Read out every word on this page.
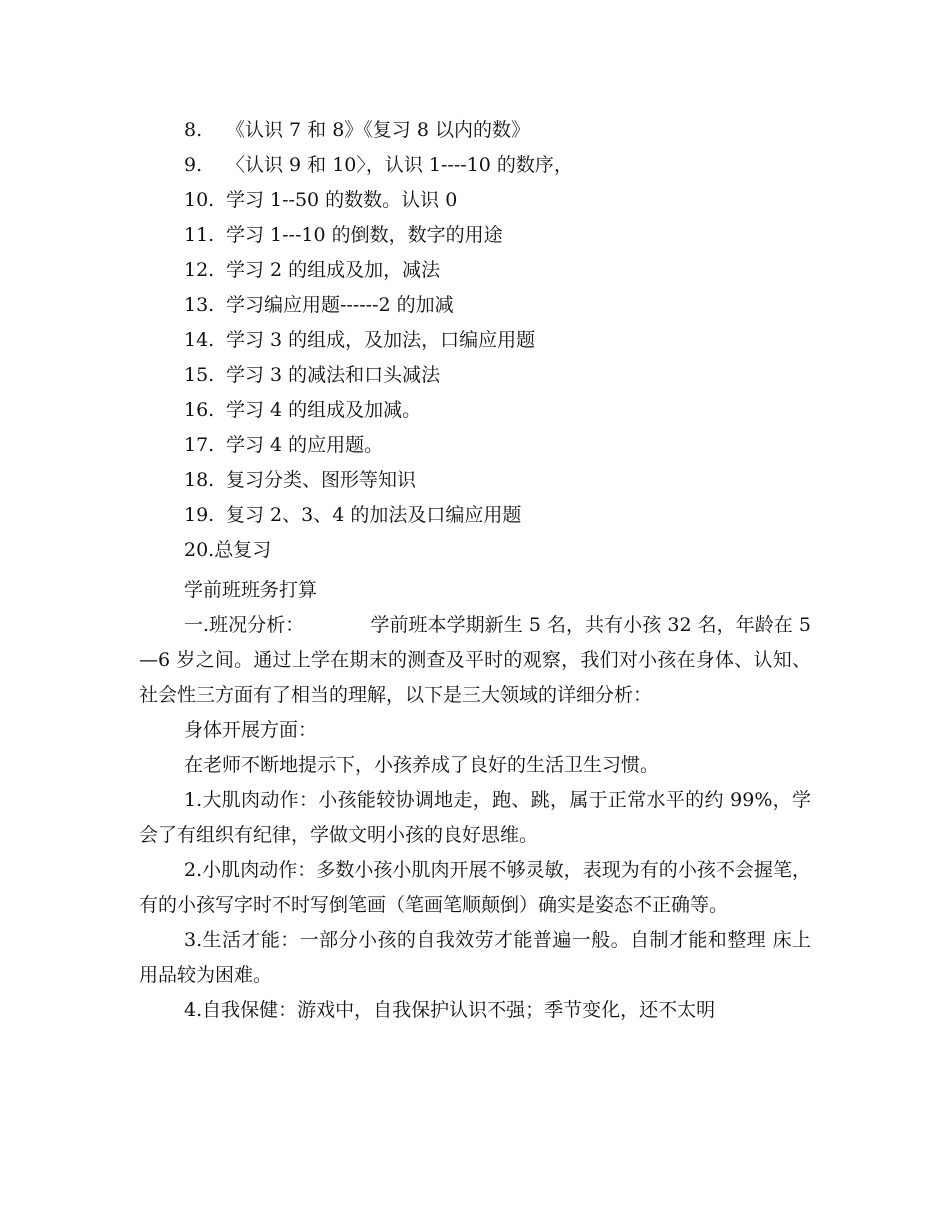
8. 《认识 7 和 8》《复习 8 以内的数》
9. 〈认识 9 和 10〉，认识 1----10 的数序，
10. 学习 1--50 的数数。认识 0
11. 学习 1---10 的倒数，数字的用途
12. 学习 2 的组成及加，减法
13. 学习编应用题------2 的加减
14. 学习 3 的组成，及加法，口编应用题
15. 学习 3 的减法和口头减法
16. 学习 4 的组成及加减。
17. 学习 4 的应用题。
18. 复习分类、图形等知识
19. 复习 2、3、4 的加法及口编应用题
20.总复习
学前班班务打算

一.班况分析：	学前班本学期新生 5 名，共有小孩 32 名，年龄在 5—6 岁之间。通过上学在期末的测查及平时的观察，我们对小孩在身体、认知、社会性三方面有了相当的理解，以下是三大领域的详细分析：

身体开展方面：

在老师不断地提示下，小孩养成了良好的生活卫生习惯。

1.大肌肉动作：小孩能较协调地走，跑、跳，属于正常水平的约 99%，学会了有组织有纪律，学做文明小孩的良好思维。

2.小肌肉动作：多数小孩小肌肉开展不够灵敏，表现为有的小孩不会握笔，有的小孩写字时不时写倒笔画（笔画笔顺颠倒）确实是姿态不正确等。

3.生活才能：一部分小孩的自我效劳才能普遍一般。自制才能和整理 床上用品较为困难。

4.自我保健：游戏中，自我保护认识不强；季节变化，还不太明
